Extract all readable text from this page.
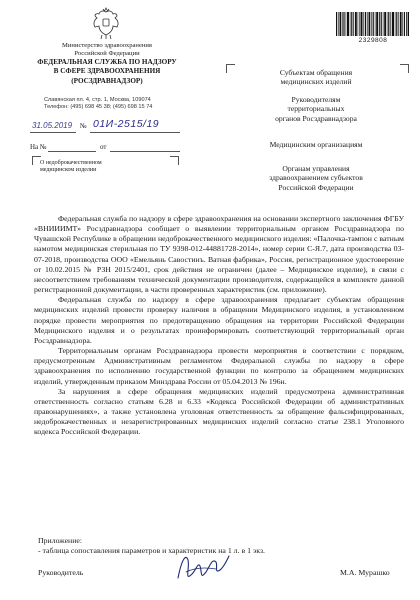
2329808
Министерство здравоохранения
Российской Федерации
ФЕДЕРАЛЬНАЯ СЛУЖБА ПО НАДЗОРУ
В СФЕРЕ ЗДРАВООХРАНЕНИЯ
(РОСЗДРАВНАДЗОР)
Славянская пл. 4, стр. 1, Москва, 109074
Телефон: (495) 698 45 38; (495) 698 15 74
31.05.2019 № 01И-2515/19
На №	от
О недоброкачественном
медицинском изделии
Субъектам обращения
медицинских изделий
Руководителям
территориальных
органов Росздравнадзора
Медицинским организациям
Органам управления
здравоохранением субъектов
Российской Федерации

Федеральная служба по надзору в сфере здравоохранения на основании экспертного заключения ФГБУ «ВНИИИМТ» Росздравнадзора сообщает о выявлении территориальным органом Росздравнадзора по Чувашской Республике в обращении недоброкачественного медицинского изделия: «Палочка-тампон с ватным намотом медицинская стерильная по ТУ 9398-012-44881728-2014», номер серии С-Я.7, дата производства 03-07-2018, производства ООО «Емельянь Савостинъ. Ватная фабрика», Россия, регистрационное удостоверение от 10.02.2015 № РЗН 2015/2401, срок действия не ограничен (далее – Медицинское изделие), в связи с несоответствием требованиям технической документации производителя, содержащейся в комплекте данной регистрационной документации, в части проверенных характеристик (см. приложение).

Федеральная служба по надзору в сфере здравоохранения предлагает субъектам обращения медицинских изделий провести проверку наличия в обращении Медицинского изделия, в установленном порядке провести мероприятия по предотвращению обращения на территории Российской Федерации Медицинского изделия и о результатах проинформировать соответствующий территориальный орган Росздравнадзора.

Территориальным органам Росздравнадзора провести мероприятия в соответствии с порядком, предусмотренным Административным регламентом Федеральной службы по надзору в сфере здравоохранения по исполнению государственной функции по контролю за обращением медицинских изделий, утвержденным приказом Минздрава России от 05.04.2013 № 196н.

За нарушения в сфере обращения медицинских изделий предусмотрена административная ответственность согласно статьям 6.28 и 6.33 «Кодекса Российской Федерации об административных правонарушениях», а также установлена уголовная ответственность за обращение фальсифицированных, недоброкачественных и незарегистрированных медицинских изделий согласно статье 238.1 Уголовного кодекса Российской Федерации.

Приложение:
- таблица сопоставления параметров и характеристик на 1 л. в 1 экз.
Руководитель	М.А. Мурашко
